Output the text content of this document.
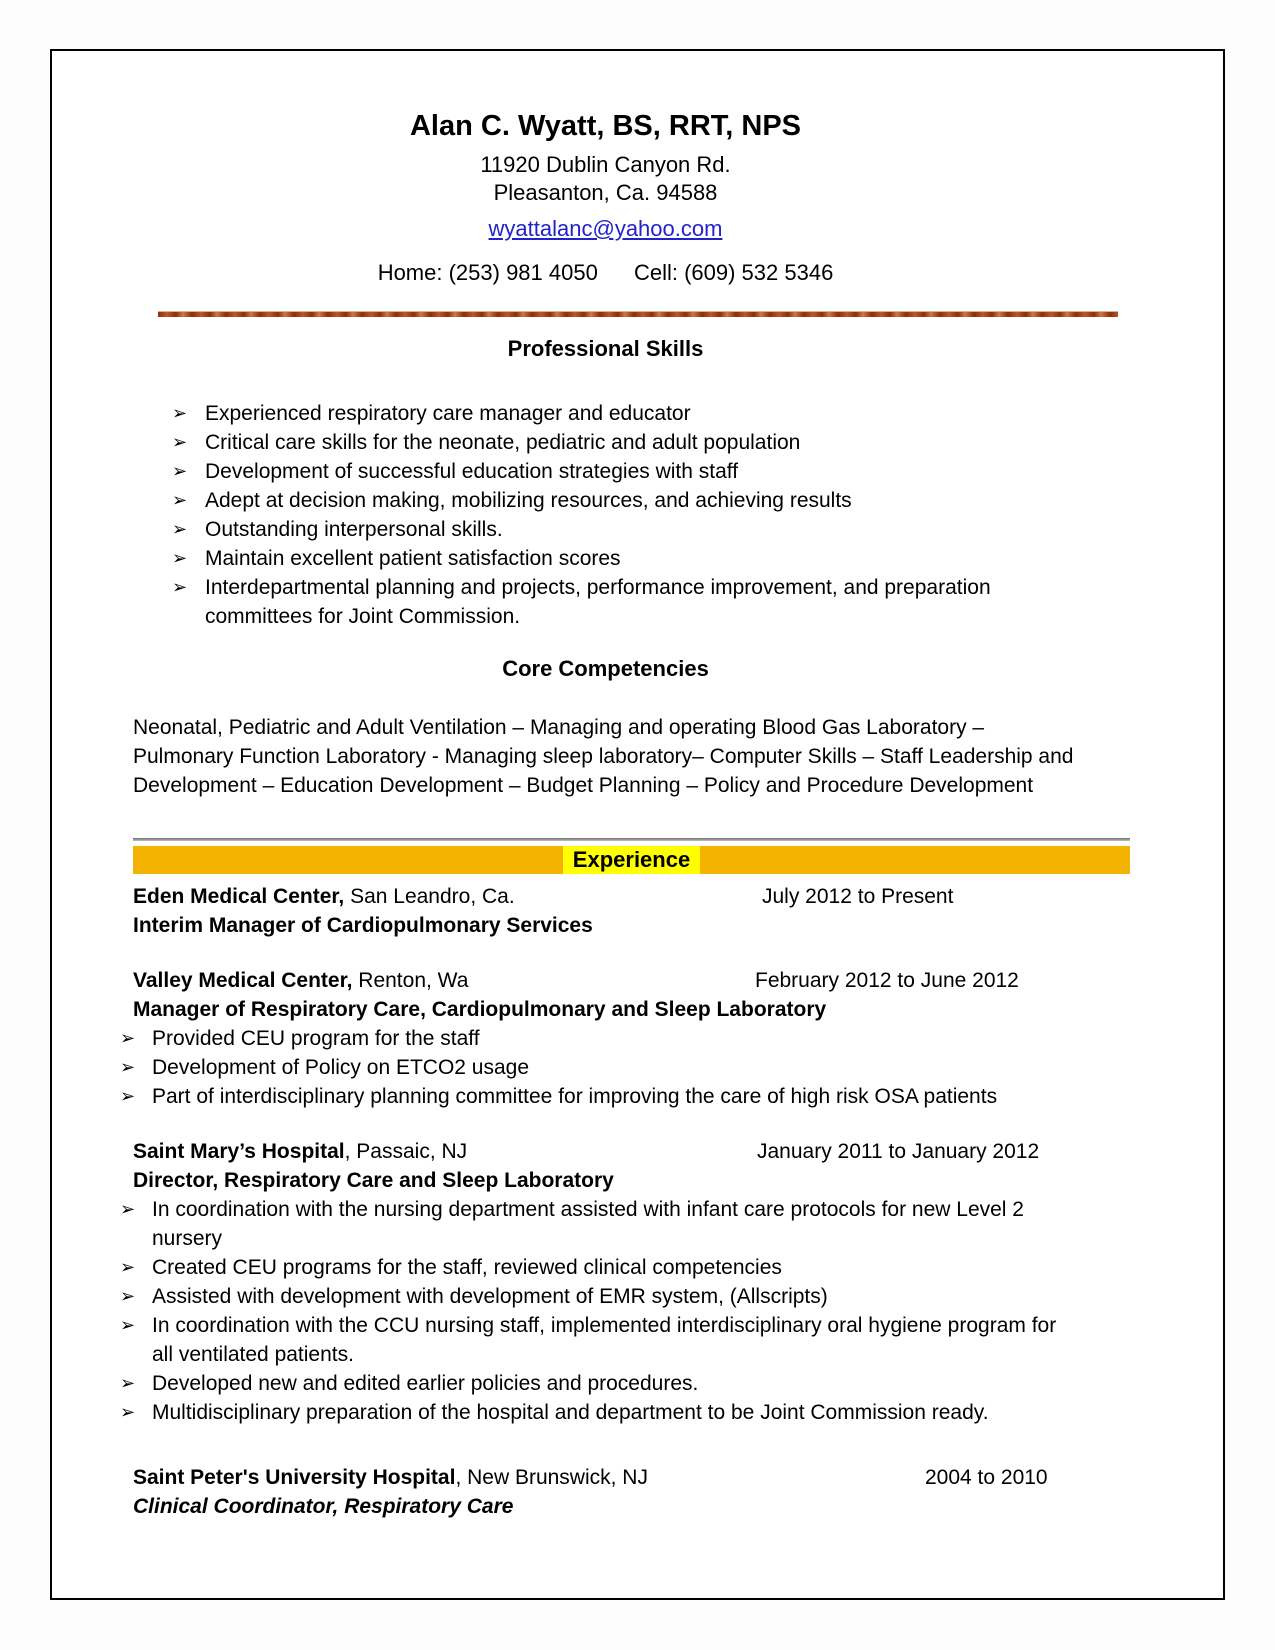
Alan C. Wyatt, BS, RRT, NPS
11920 Dublin Canyon Rd.
Pleasanton, Ca. 94588
wyattalanc@yahoo.com
Home: (253) 981 4050 Cell: (609) 532 5346
Professional Skills
➢ Experienced respiratory care manager and educator
➢ Critical care skills for the neonate, pediatric and adult population
➢ Development of successful education strategies with staff
➢ Adept at decision making, mobilizing resources, and achieving results
➢ Outstanding interpersonal skills.
➢ Maintain excellent patient satisfaction scores
➢ Interdepartmental planning and projects, performance improvement, and preparation committees for Joint Commission.
Core Competencies

Neonatal, Pediatric and Adult Ventilation – Managing and operating Blood Gas Laboratory – Pulmonary Function Laboratory - Managing sleep laboratory– Computer Skills – Staff Leadership and Development – Education Development – Budget Planning – Policy and Procedure Development

Experience
Eden Medical Center, San Leandro, Ca.	July 2012 to Present
Interim Manager of Cardiopulmonary Services
Valley Medical Center, Renton, Wa	February 2012 to June 2012
Manager of Respiratory Care, Cardiopulmonary and Sleep Laboratory
➢ Provided CEU program for the staff
➢ Development of Policy on ETCO2 usage
➢ Part of interdisciplinary planning committee for improving the care of high risk OSA patients
Saint Mary’s Hospital, Passaic, NJ	January 2011 to January 2012
Director, Respiratory Care and Sleep Laboratory
➢ In coordination with the nursing department assisted with infant care protocols for new Level 2 nursery
➢ Created CEU programs for the staff, reviewed clinical competencies
➢ Assisted with development with development of EMR system, (Allscripts)
➢ In coordination with the CCU nursing staff, implemented interdisciplinary oral hygiene program for all ventilated patients.
➢ Developed new and edited earlier policies and procedures.
➢ Multidisciplinary preparation of the hospital and department to be Joint Commission ready.
Saint Peter's University Hospital, New Brunswick, NJ	2004 to 2010
Clinical Coordinator, Respiratory Care
